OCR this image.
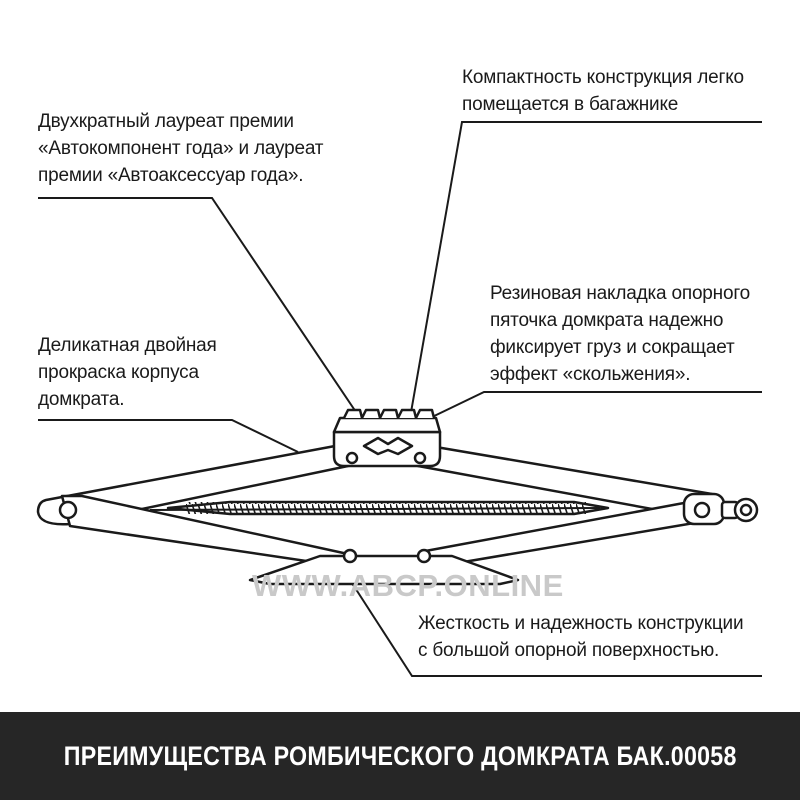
Компактность конструкция легко
помещается в багажнике
Двухкратный лауреат премии
«Автокомпонент года» и лауреат
премии «Автоаксессуар года».
Резиновая накладка опорного
пяточка домкрата надежно
фиксирует груз и сокращает
эффект «скольжения».
Деликатная двойная
прокраска корпуса
домкрата.
Жесткость и надежность конструкции
с большой опорной поверхностью.
WWW.ABCP.ONLINE
ПРЕИМУЩЕСТВА РОМБИЧЕСКОГО ДОМКРАТА БАК.00058
